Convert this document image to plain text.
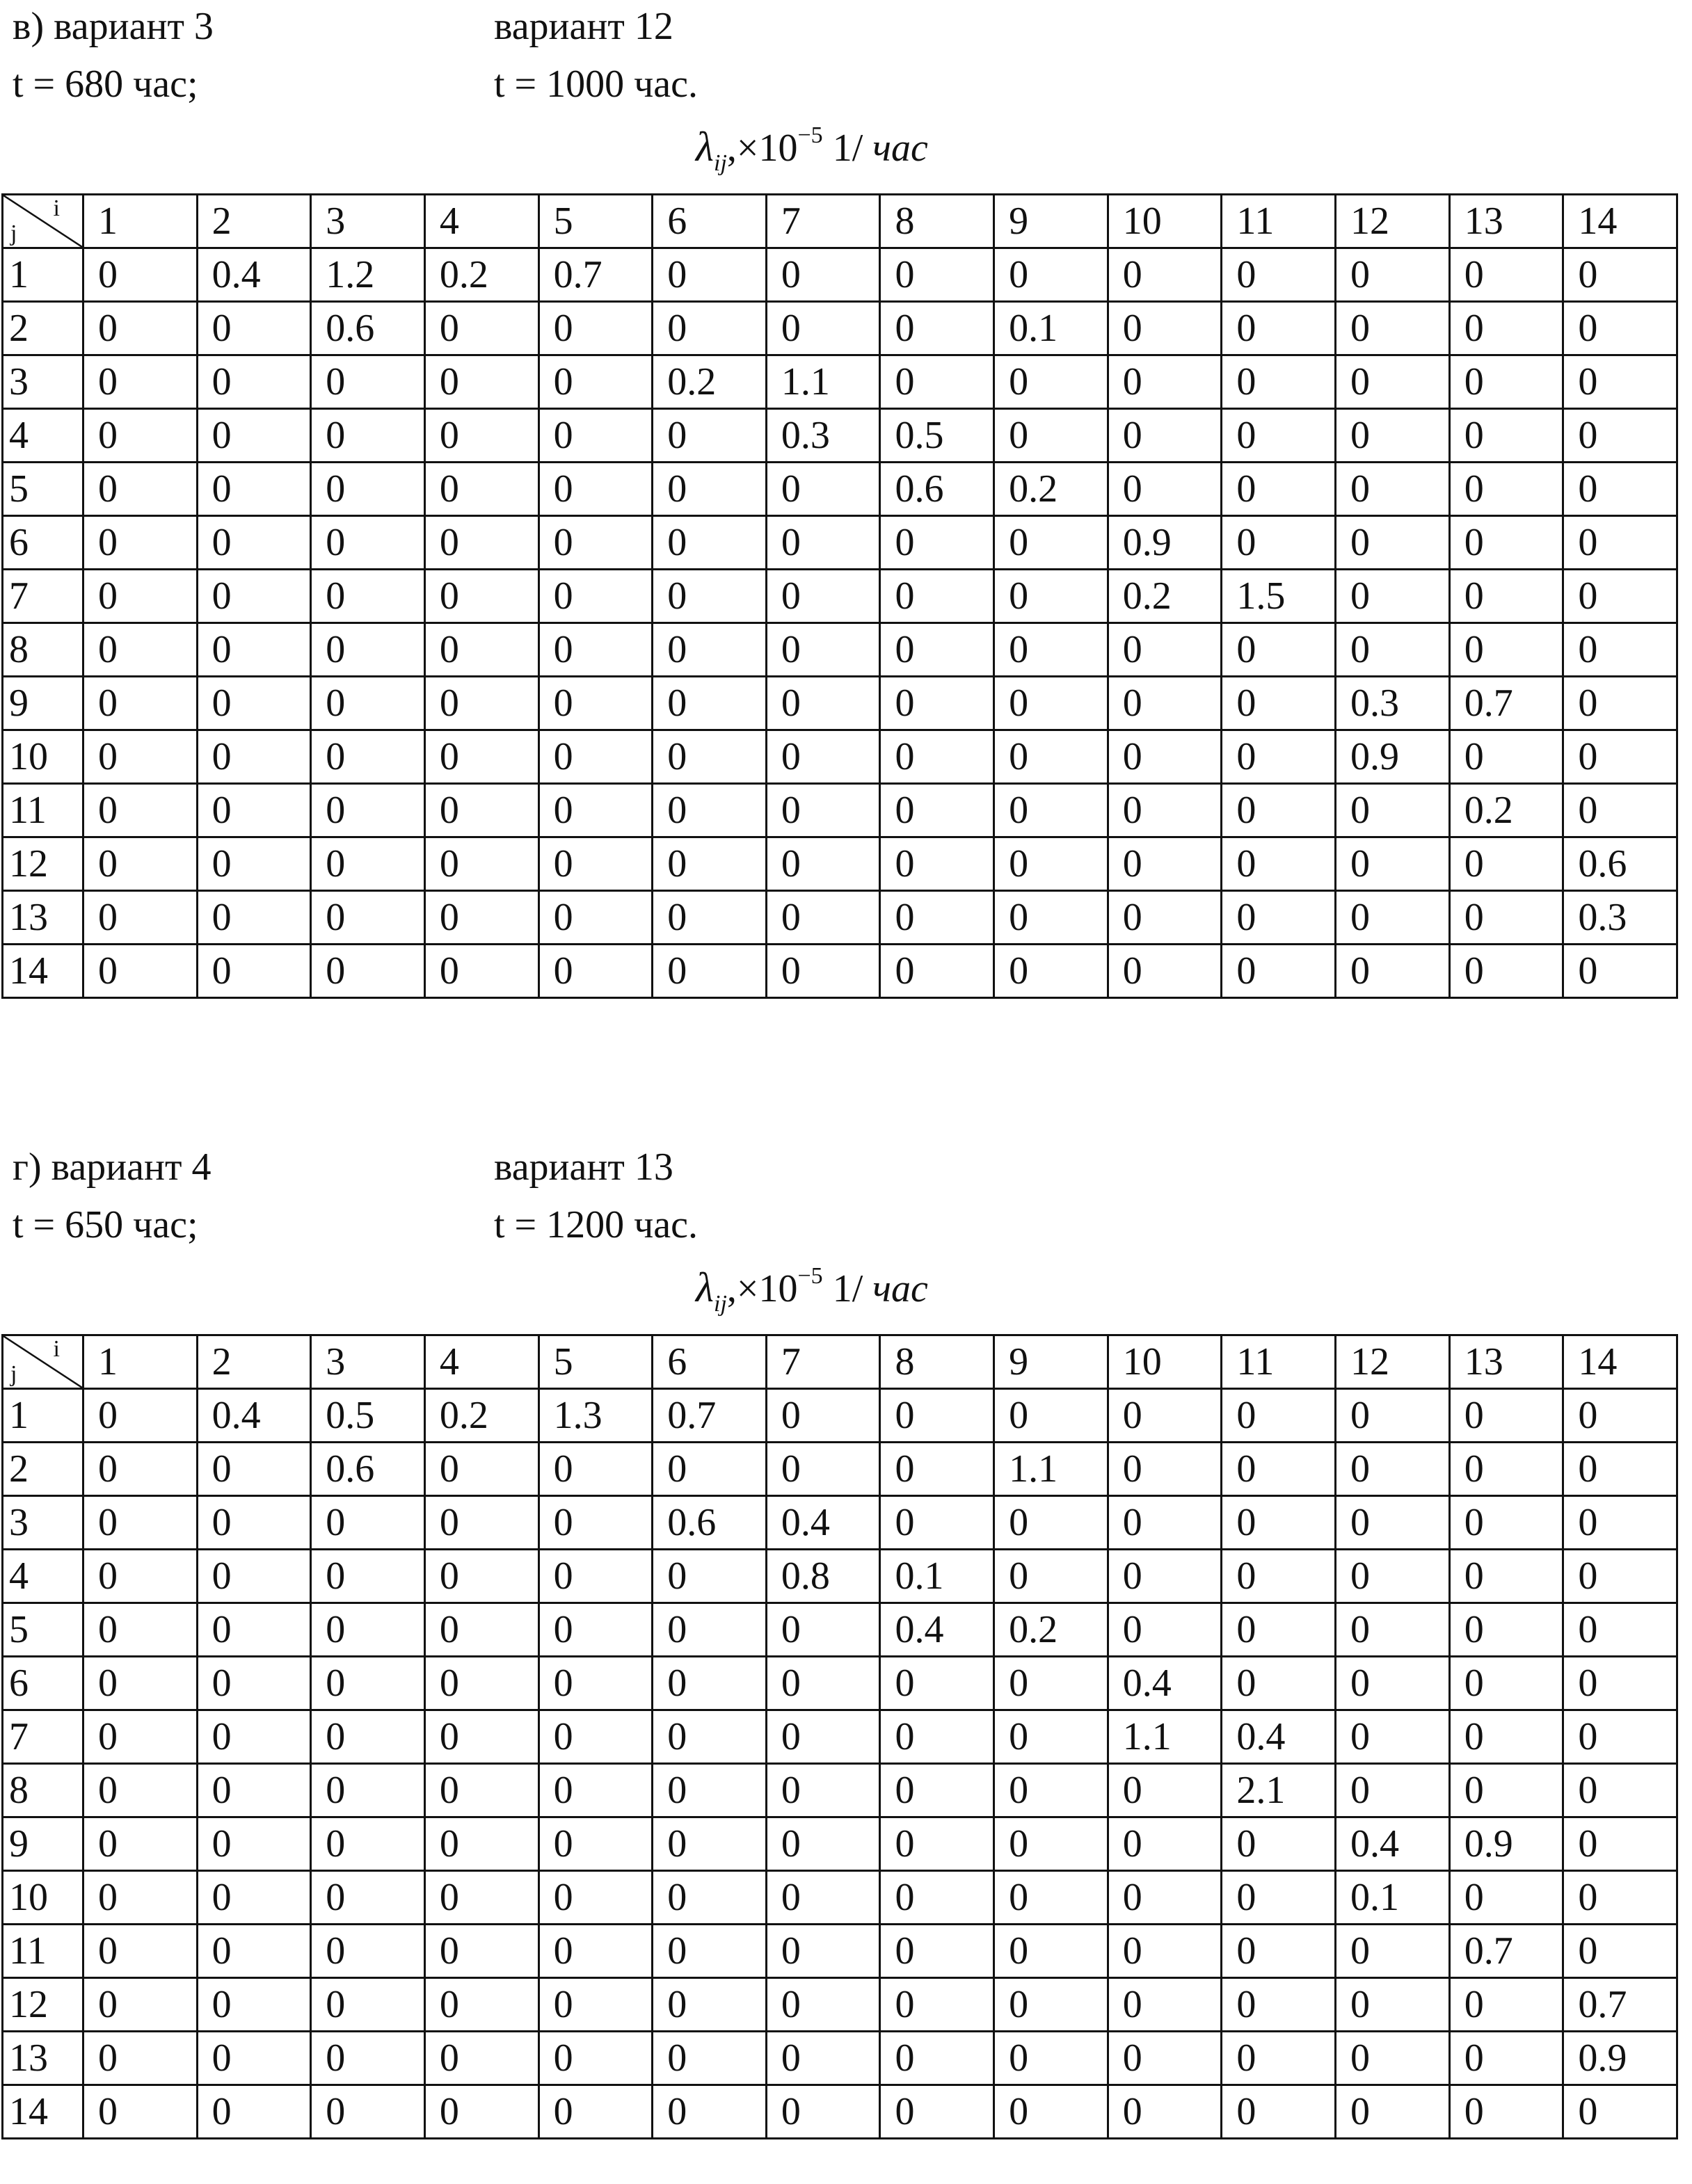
в) вариант 3
t = 680 час;
вариант 12
t = 1000 час.
$\lambda_{ij},\times 10^{-5}$ 1/ час
i
j	1	2	3	4	5	6	7	8	9	10	11	12	13	14
1	0	0.4	1.2	0.2	0.7	0	0	0	0	0	0	0	0	0
2	0	0	0.6	0	0	0	0	0	0.1	0	0	0	0	0
3	0	0	0	0	0	0.2	1.1	0	0	0	0	0	0	0
4	0	0	0	0	0	0	0.3	0.5	0	0	0	0	0	0
5	0	0	0	0	0	0	0	0.6	0.2	0	0	0	0	0
6	0	0	0	0	0	0	0	0	0	0.9	0	0	0	0
7	0	0	0	0	0	0	0	0	0	0.2	1.5	0	0	0
8	0	0	0	0	0	0	0	0	0	0	0	0	0	0
9	0	0	0	0	0	0	0	0	0	0	0	0.3	0.7	0
10	0	0	0	0	0	0	0	0	0	0	0	0.9	0	0
11	0	0	0	0	0	0	0	0	0	0	0	0	0.2	0
12	0	0	0	0	0	0	0	0	0	0	0	0	0	0.6
13	0	0	0	0	0	0	0	0	0	0	0	0	0	0.3
14	0	0	0	0	0	0	0	0	0	0	0	0	0	0
г) вариант 4
t = 650 час;
вариант 13
t = 1200 час.
$\lambda_{ij},\times 10^{-5}$ 1/ час
i
j	1	2	3	4	5	6	7	8	9	10	11	12	13	14
1	0	0.4	0.5	0.2	1.3	0.7	0	0	0	0	0	0	0	0
2	0	0	0.6	0	0	0	0	0	1.1	0	0	0	0	0
3	0	0	0	0	0	0.6	0.4	0	0	0	0	0	0	0
4	0	0	0	0	0	0	0.8	0.1	0	0	0	0	0	0
5	0	0	0	0	0	0	0	0.4	0.2	0	0	0	0	0
6	0	0	0	0	0	0	0	0	0	0.4	0	0	0	0
7	0	0	0	0	0	0	0	0	0	1.1	0.4	0	0	0
8	0	0	0	0	0	0	0	0	0	0	2.1	0	0	0
9	0	0	0	0	0	0	0	0	0	0	0	0.4	0.9	0
10	0	0	0	0	0	0	0	0	0	0	0	0.1	0	0
11	0	0	0	0	0	0	0	0	0	0	0	0	0.7	0
12	0	0	0	0	0	0	0	0	0	0	0	0	0	0.7
13	0	0	0	0	0	0	0	0	0	0	0	0	0	0.9
14	0	0	0	0	0	0	0	0	0	0	0	0	0	0
